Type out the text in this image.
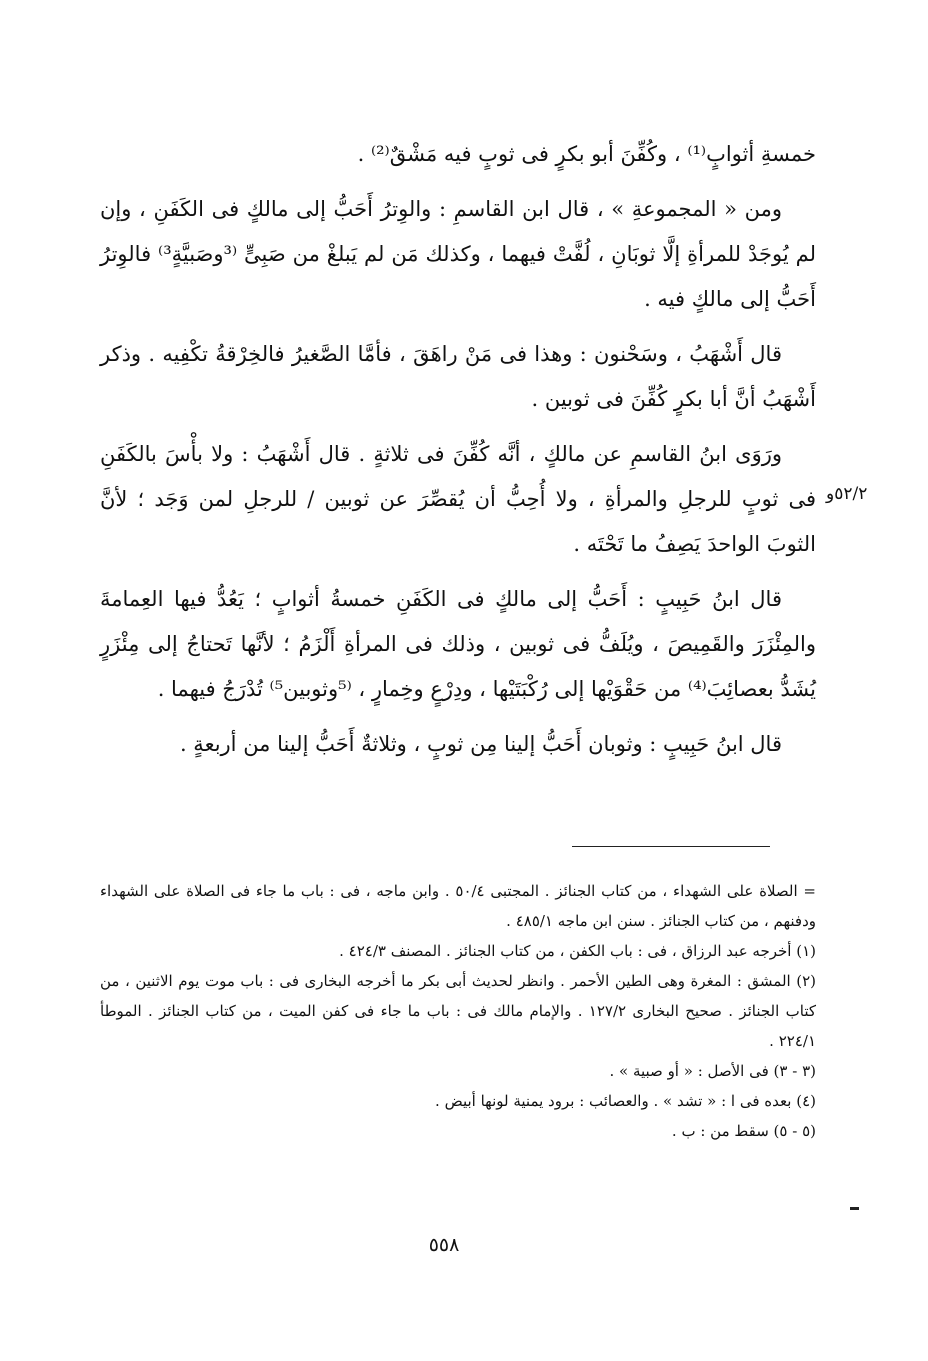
خمسةِ أثوابٍ⁽¹⁾ ، وكُفِّنَ أبو بكرٍ فى ثوبٍ فيه مَشْقٌ⁽²⁾ .

ومن « المجموعةِ » ، قال ابن القاسمِ : والوِترُ أَحَبُّ إلى مالكٍ فى الكَفَنِ ، وإن لم يُوجَدْ للمرأةِ إلَّا ثوبَانِ ، لُفَّتْ فيهما ، وكذلك مَن لم يَبلغْ من صَبِىٍّ ⁽³وصَبيَّةٍ³⁾ فالوِترُ أَحَبُّ إلى مالكٍ فيه .

قال أَشْهَبُ ، وسَحْنون : وهذا فى مَنْ راهَقَ ، فأمَّا الصَّغيرُ فالخِرْقةُ تكْفِيه . وذكر أَشْهَبُ أنَّ أبا بكرٍ كُفِّنَ فى ثوبين .

ورَوَى ابنُ القاسمِ عن مالكٍ ، أنَّه كُفِّنَ فى ثلاثةٍ . قال أَشْهَبُ : ولا بأْسَ بالكَفَنِ فى ثوبٍ للرجلِ والمرأةِ ، ولا أُحِبُّ أن يُقصِّرَ عن ثوبين / للرجلِ لمن وَجَد ؛ لأنَّ الثوبَ الواحدَ يَصِفُ ما تَحْتَه .

قال ابنُ حَبِيبٍ : أَحَبُّ إلى مالكٍ فى الكَفَنِ خمسةُ أثوابٍ ؛ يَعُدُّ فيها العِمامةَ والمِئْزَرَ والقَمِيصَ ، ويُلَفُّ فى ثوبين ، وذلك فى المرأةِ أَلْزَمُ ؛ لأنَّها تَحتاجُ إلى مِئْزَرٍ يُشَدُّ بعصائِبَ⁽⁴⁾ من حَقْوَيْها إلى رُكْبَتَيْها ، ودِرْعٍ وخِمارٍ ، ⁽⁵وثوبين⁵⁾ تُدْرَجُ فيهما .

قال ابنُ حَبِيبٍ : وثوبان أَحَبُّ إلينا مِن ثوبٍ ، وثلاثةٌ أَحَبُّ إلينا من أربعةٍ .

٥٢/٢و

= الصلاة على الشهداء ، من كتاب الجنائز . المجتبى ٥٠/٤ . وابن ماجه ، فى : باب ما جاء فى الصلاة على الشهداء ودفنهم ، من كتاب الجنائز . سنن ابن ماجه ٤٨٥/١ .

(١) أخرجه عبد الرزاق ، فى : باب الكفن ، من كتاب الجنائز . المصنف ٤٢٤/٣ .

(٢) المشق : المغرة وهى الطين الأحمر . وانظر لحديث أبى بكر ما أخرجه البخارى فى : باب موت يوم الاثنين ، من كتاب الجنائز . صحيح البخارى ١٢٧/٢ . والإمام مالك فى : باب ما جاء فى كفن الميت ، من كتاب الجنائز . الموطأ ٢٢٤/١ .

(٣ - ٣) فى الأصل : « أو صبية » .

(٤) بعده فى ا : « تشد » . والعصائب : برود يمنية لونها أبيض .

(٥ - ٥) سقط من : ب .

٥٥٨
